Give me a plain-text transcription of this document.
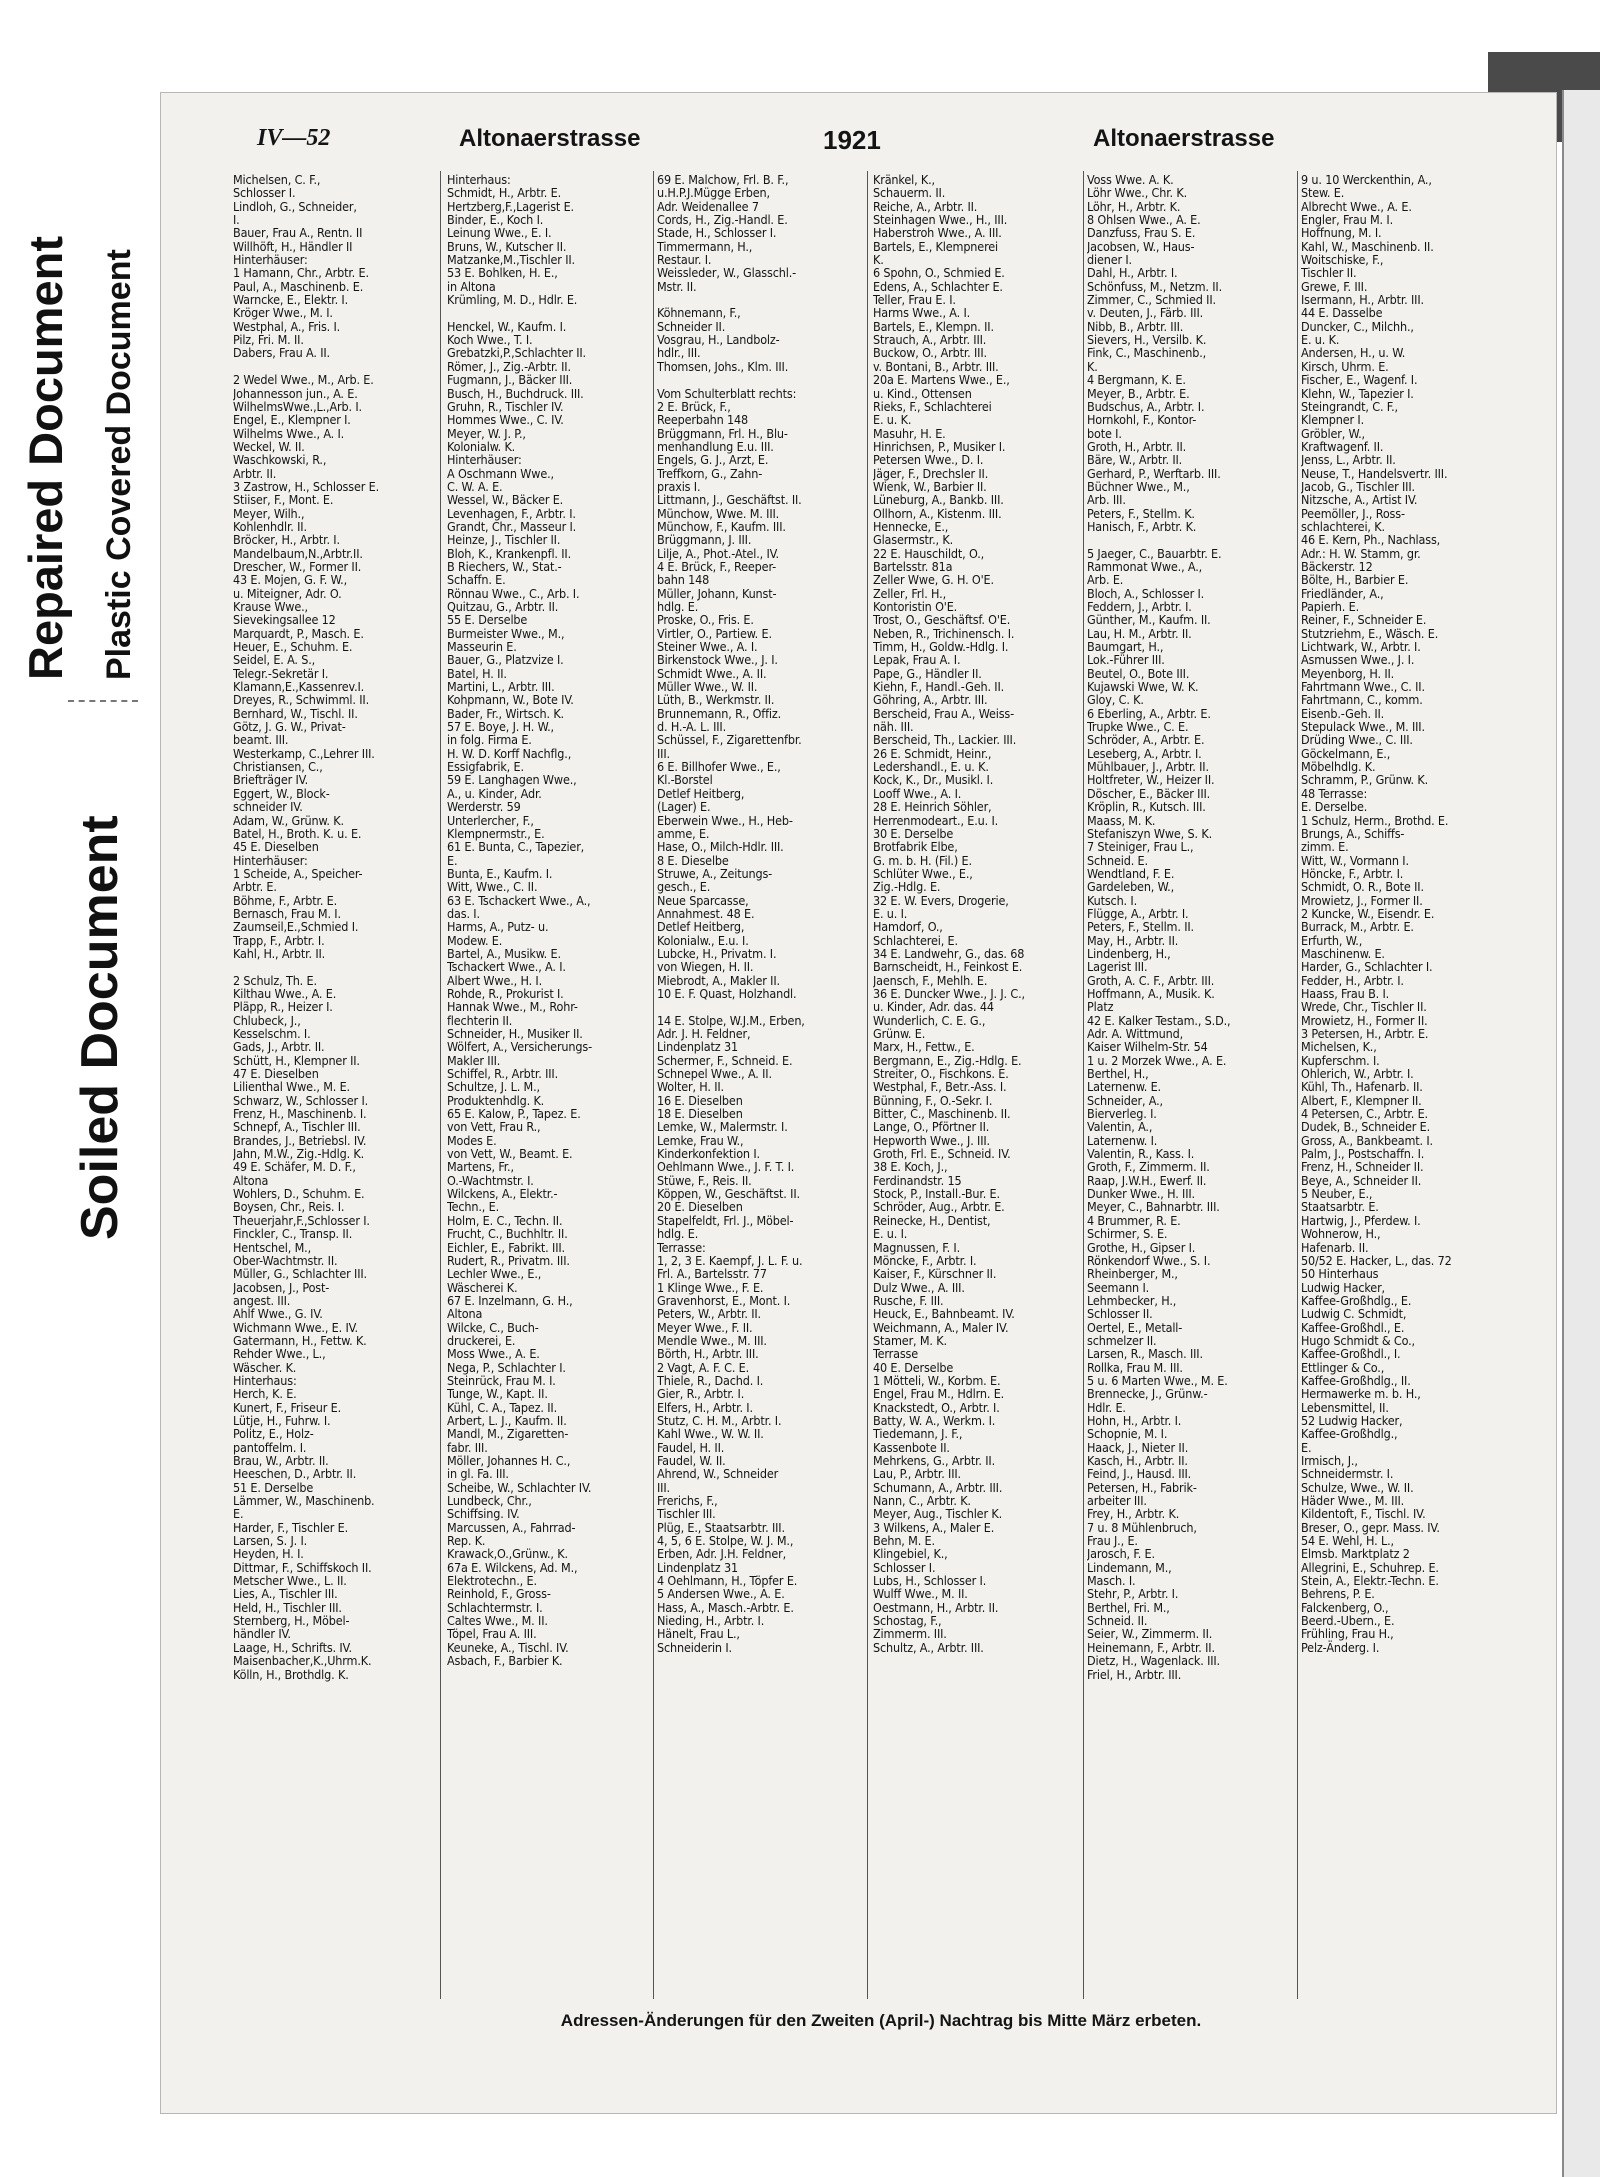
Repaired Document Plastic Covered Document
Soiled Document
IV—52	Altonaerstrasse	1921	Altonaerstrasse
Michelsen, C. F.,
Schlosser I.
Lindloh, G., Schneider,
I.
Bauer, Frau A., Rentn. II
Willhöft, H., Händler II
Hinterhäuser:
1 Hamann, Chr., Arbtr. E.
Paul, A., Maschinenb. E.
Warncke, E., Elektr. I.
Kröger Wwe., M. I.
Westphal, A., Fris. I.
Pilz, Fri. M. II.
Dabers, Frau A. II.

2 Wedel Wwe., M., Arb. E.
Johannesson jun., A. E.
WilhelmsWwe.,L.,Arb. I.
Engel, E., Klempner I.
Wilhelms Wwe., A. I.
Weckel, W. II.
Waschkowski, R.,
Arbtr. II.
3 Zastrow, H., Schlosser E.
Stiiser, F., Mont. E.
Meyer, Wilh.,
Kohlenhdlr. II.
Bröcker, H., Arbtr. I.
Mandelbaum,N.,Arbtr.II.
Drescher, W., Former II.
43 E. Mojen, G. F. W.,
u. Miteigner, Adr. O.
Krause Wwe.,
Sievekingsallee 12
Marquardt, P., Masch. E.
Heuer, E., Schuhm. E.
Seidel, E. A. S.,
Telegr.-Sekretär I.
Klamann,E.,Kassenrev.I.
Dreyes, R., Schwimml. II.
Bernhard, W., Tischl. II.
Götz, J. G. W., Privat-
beamt. III.
Westerkamp, C.,Lehrer III.
Christiansen, C.,
Briefträger IV.
Eggert, W., Block-
schneider IV.
Adam, W., Grünw. K.
Batel, H., Broth. K. u. E.
45 E. Dieselben
Hinterhäuser:
1 Scheide, A., Speicher-
Arbtr. E.
Böhme, F., Arbtr. E.
Bernasch, Frau M. I.
Zaumseil,E.,Schmied I.
Trapp, F., Arbtr. I.
Kahl, H., Arbtr. II.

2 Schulz, Th. E.
Kilthau Wwe., A. E.
Pläpp, R., Heizer I.
Chlubeck, J.,
Kesselschm. I.
Gads, J., Arbtr. II.
Schütt, H., Klempner II.
47 E. Dieselben
Lilienthal Wwe., M. E.
Schwarz, W., Schlosser I.
Frenz, H., Maschinenb. I.
Schnepf, A., Tischler III.
Brandes, J., Betriebsl. IV.
Jahn, M.W., Zig.-Hdlg. K.
49 E. Schäfer, M. D. F.,
Altona
Wohlers, D., Schuhm. E.
Boysen, Chr., Reis. I.
Theuerjahr,F.,Schlosser I.
Finckler, C., Transp. II.
Hentschel, M.,
Ober-Wachtmstr. II.
Müller, G., Schlachter III.
Jacobsen, J., Post-
angest. III.
Ahlf Wwe., G. IV.
Wichmann Wwe., E. IV.
Gatermann, H., Fettw. K.
Rehder Wwe., L.,
Wäscher. K.
Hinterhaus:
Herch, K. E.
Kunert, F., Friseur E.
Lütje, H., Fuhrw. I.
Politz, E., Holz-
pantoffelm. I.
Brau, W., Arbtr. II.
Heeschen, D., Arbtr. II.
51 E. Derselbe
Lämmer, W., Maschinenb.
E.
Harder, F., Tischler E.
Larsen, S. J. I.
Heyden, H. I.
Dittmar, F., Schiffskoch II.
Metscher Wwe., L. II.
Lies, A., Tischler III.
Held, H., Tischler III.
Sternberg, H., Möbel-
händler IV.
Laage, H., Schrifts. IV.
Maisenbacher,K.,Uhrm.K.
Kölln, H., Brothdlg. K.
Hinterhaus:
Schmidt, H., Arbtr. E.
Hertzberg,F.,Lagerist E.
Binder, E., Koch I.
Leinung Wwe., E. I.
Bruns, W., Kutscher II.
Matzanke,M.,Tischler II.
53 E. Bohlken, H. E.,
in Altona
Krümling, M. D., Hdlr. E.

Henckel, W., Kaufm. I.
Koch Wwe., T. I.
Grebatzki,P.,Schlachter II.
Römer, J., Zig.-Arbtr. II.
Fugmann, J., Bäcker III.
Busch, H., Buchdruck. III.
Gruhn, R., Tischler IV.
Hommes Wwe., C. IV.
Meyer, W. J. P.,
Kolonialw. K.
Hinterhäuser:
A Oschmann Wwe.,
C. W. A. E.
Wessel, W., Bäcker E.
Levenhagen, F., Arbtr. I.
Grandt, Chr., Masseur I.
Heinze, J., Tischler II.
Bloh, K., Krankenpfl. II.
B Riechers, W., Stat.-
Schaffn. E.
Rönnau Wwe., C., Arb. I.
Quitzau, G., Arbtr. II.
55 E. Derselbe
Burmeister Wwe., M.,
Masseurin E.
Bauer, G., Platzvize I.
Batel, H. II.
Martini, L., Arbtr. III.
Kohpmann, W., Bote IV.
Bader, Fr., Wirtsch. K.
57 E. Boye, J. H. W.,
in folg. Firma E.
H. W. D. Korff Nachflg.,
Essigfabrik, E.
59 E. Langhagen Wwe.,
A., u. Kinder, Adr.
Werderstr. 59
Unterlercher, F.,
Klempnermstr., E.
61 E. Bunta, C., Tapezier,
E.
Bunta, E., Kaufm. I.
Witt, Wwe., C. II.
63 E. Tschackert Wwe., A.,
das. I.
Harms, A., Putz- u.
Modew. E.
Bartel, A., Musikw. E.
Tschackert Wwe., A. I.
Albert Wwe., H. I.
Rohde, R., Prokurist I.
Hannak Wwe., M., Rohr-
flechterin II.
Schneider, H., Musiker II.
Wölfert, A., Versicherungs-
Makler III.
Schiffel, R., Arbtr. III.
Schultze, J. L. M.,
Produktenhdlg. K.
65 E. Kalow, P., Tapez. E.
von Vett, Frau R.,
Modes E.
von Vett, W., Beamt. E.
Martens, Fr.,
O.-Wachtmstr. I.
Wilckens, A., Elektr.-
Techn., E.
Holm, E. C., Techn. II.
Frucht, C., Buchhltr. II.
Eichler, E., Fabrikt. III.
Rudert, R., Privatm. III.
Lechler Wwe., E.,
Wäscherei K.
67 E. Inzelmann, G. H.,
Altona
Wilcke, C., Buch-
druckerei, E.
Moss Wwe., A. E.
Nega, P., Schlachter I.
Steinrück, Frau M. I.
Tunge, W., Kapt. II.
Kühl, C. A., Tapez. II.
Arbert, L. J., Kaufm. II.
Mandl, M., Zigaretten-
fabr. III.
Möller, Johannes H. C.,
in gl. Fa. III.
Scheibe, W., Schlachter IV.
Lundbeck, Chr.,
Schiffsing. IV.
Marcussen, A., Fahrrad-
Rep. K.
Krawack,O.,Grünw., K.
67a E. Wilckens, Ad. M.,
Elektrotechn., E.
Reinhold, F., Gross-
Schlachtermstr. I.
Caltes Wwe., M. II.
Töpel, Frau A. III.
Keuneke, A., Tischl. IV.
Asbach, F., Barbier K.
69 E. Malchow, Frl. B. F.,
u.H.P.J.Mügge Erben,
Adr. Weidenallee 7
Cords, H., Zig.-Handl. E.
Stade, H., Schlosser I.
Timmermann, H.,
Restaur. I.
Weissleder, W., Glasschl.-
Mstr. II.

Köhnemann, F.,
Schneider II.
Vosgrau, H., Landbolz-
hdlr., III.
Thomsen, Johs., Klm. III.

Vom Schulterblatt rechts:
2 E. Brück, F.,
Reeperbahn 148
Brüggmann, Frl. H., Blu-
menhandlung E.u. III.
Engels, G. J., Arzt, E.
Treffkorn, G., Zahn-
praxis I.
Littmann, J., Geschäftst. II.
Münchow, Wwe. M. III.
Münchow, F., Kaufm. III.
Brüggmann, J. III.
Lilje, A., Phot.-Atel., IV.
4 E. Brück, F., Reeper-
bahn 148
Müller, Johann, Kunst-
hdlg. E.
Proske, O., Fris. E.
Virtler, O., Partiew. E.
Steiner Wwe., A. I.
Birkenstock Wwe., J. I.
Schmidt Wwe., A. II.
Müller Wwe., W. II.
Lüth, B., Werkmstr. II.
Brunnemann, R., Offiz.
d. H.-A. L. III.
Schüssel, F., Zigarettenfbr.
III.
6 E. Billhofer Wwe., E.,
Kl.-Borstel
Detlef Heitberg,
(Lager) E.
Eberwein Wwe., H., Heb-
amme, E.
Hase, O., Milch-Hdlr. III.
8 E. Dieselbe
Struwe, A., Zeitungs-
gesch., E.
Neue Sparcasse,
Annahmest. 48 E.
Detlef Heitberg,
Kolonialw., E.u. I.
Lubcke, H., Privatm. I.
von Wiegen, H. II.
Miebrodt, A., Makler II.
10 E. F. Quast, Holzhandl.

14 E. Stolpe, W.J.M., Erben,
Adr. J. H. Feldner,
Lindenplatz 31
Schermer, F., Schneid. E.
Schnepel Wwe., A. II.
Wolter, H. II.
16 E. Dieselben
18 E. Dieselben
Lemke, W., Malermstr. I.
Lemke, Frau W.,
Kinderkonfektion I.
Oehlmann Wwe., J. F. T. I.
Stüwe, F., Reis. II.
Köppen, W., Geschäftst. II.
20 E. Dieselben
Stapelfeldt, Frl. J., Möbel-
hdlg. E.
Terrasse:
1, 2, 3 E. Kaempf, J. L. F. u.
Frl. A., Bartelsstr. 77
1 Klinge Wwe., F. E.
Gravenhorst, E., Mont. I.
Peters, W., Arbtr. II.
Meyer Wwe., F. II.
Mendle Wwe., M. III.
Börth, H., Arbtr. III.
2 Vagt, A. F. C. E.
Thiele, R., Dachd. I.
Gier, R., Arbtr. I.
Elfers, H., Arbtr. I.
Stutz, C. H. M., Arbtr. I.
Kahl Wwe., W. W. II.
Faudel, H. II.
Faudel, W. II.
Ahrend, W., Schneider
III.
Frerichs, F.,
Tischler III.
Plüg, E., Staatsarbtr. III.
4, 5, 6 E. Stolpe, W. J. M.,
Erben, Adr. J.H. Feldner,
Lindenplatz 31
4 Oehlmann, H., Töpfer E.
5 Andersen Wwe., A. E.
Hass, A., Masch.-Arbtr. E.
Nieding, H., Arbtr. I.
Hänelt, Frau L.,
Schneiderin I.
Kränkel, K.,
Schauerm. II.
Reiche, A., Arbtr. II.
Steinhagen Wwe., H., III.
Haberstroh Wwe., A. III.
Bartels, E., Klempnerei
K.
6 Spohn, O., Schmied E.
Edens, A., Schlachter E.
Teller, Frau E. I.
Harms Wwe., A. I.
Bartels, E., Klempn. II.
Strauch, A., Arbtr. III.
Buckow, O., Arbtr. III.
v. Bontani, B., Arbtr. III.
20a E. Martens Wwe., E.,
u. Kind., Ottensen
Rieks, F., Schlachterei
E. u. K.
Masuhr, H. E.
Hinrichsen, P., Musiker I.
Petersen Wwe., D. I.
Jäger, F., Drechsler II.
Wienk, W., Barbier II.
Lüneburg, A., Bankb. III.
Ollhorn, A., Kistenm. III.
Hennecke, E.,
Glasermstr., K.
22 E. Hauschildt, O.,
Bartelsstr. 81a
Zeller Wwe, G. H. O'E.
Zeller, Frl. H.,
Kontoristin O'E.
Trost, O., Geschäftsf. O'E.
Neben, R., Trichinensch. I.
Timm, H., Goldw.-Hdlg. I.
Lepak, Frau A. I.
Pape, G., Händler II.
Kiehn, F., Handl.-Geh. II.
Göhring, A., Arbtr. III.
Berscheid, Frau A., Weiss-
näh. III.
Berscheid, Th., Lackier. III.
26 E. Schmidt, Heinr.,
Ledershandl., E. u. K.
Kock, K., Dr., Musikl. I.
Looff Wwe., A. I.
28 E. Heinrich Söhler,
Herrenmodeart., E.u. I.
30 E. Derselbe
Brotfabrik Elbe,
G. m. b. H. (Fil.) E.
Schlüter Wwe., E.,
Zig.-Hdlg. E.
32 E. W. Evers, Drogerie,
E. u. I.
Hamdorf, O.,
Schlachterei, E.
34 E. Landwehr, G., das. 68
Barnscheidt, H., Feinkost E.
Jaensch, F., Mehlh. E.
36 E. Duncker Wwe., J. J. C.,
u. Kinder, Adr. das. 44
Wunderlich, C. E. G.,
Grünw. E.
Marx, H., Fettw., E.
Bergmann, E., Zig.-Hdlg. E.
Streiter, O., Fischkons. E.
Westphal, F., Betr.-Ass. I.
Bünning, F., O.-Sekr. I.
Bitter, C., Maschinenb. II.
Lange, O., Pförtner II.
Hepworth Wwe., J. III.
Groth, Frl. E., Schneid. IV.
38 E. Koch, J.,
Ferdinandstr. 15
Stock, P., Install.-Bur. E.
Schröder, Aug., Arbtr. E.
Reinecke, H., Dentist,
E. u. I.
Magnussen, F. I.
Möncke, F., Arbtr. I.
Kaiser, F., Kürschner II.
Dulz Wwe., A. III.
Rusche, F. III.
Heuck, E., Bahnbeamt. IV.
Weichmann, A., Maler IV.
Stamer, M. K.
Terrasse
40 E. Derselbe
1 Mötteli, W., Korbm. E.
Engel, Frau M., Hdlrn. E.
Knackstedt, O., Arbtr. I.
Batty, W. A., Werkm. I.
Tiedemann, J. F.,
Kassenbote II.
Mehrkens, G., Arbtr. II.
Lau, P., Arbtr. III.
Schumann, A., Arbtr. III.
Nann, C., Arbtr. K.
Meyer, Aug., Tischler K.
3 Wilkens, A., Maler E.
Behn, M. E.
Klingebiel, K.,
Schlosser I.
Lubs, H., Schlosser I.
Wulff Wwe., M. II.
Oestmann, H., Arbtr. II.
Schostag, F.,
Zimmerm. III.
Schultz, A., Arbtr. III.
Voss Wwe. A. K.
Löhr Wwe., Chr. K.
Löhr, H., Arbtr. K.
8 Ohlsen Wwe., A. E.
Danzfuss, Frau S. E.
Jacobsen, W., Haus-
diener I.
Dahl, H., Arbtr. I.
Schönfuss, M., Netzm. II.
Zimmer, C., Schmied II.
v. Deuten, J., Färb. III.
Nibb, B., Arbtr. III.
Sievers, H., Versilb. K.
Fink, C., Maschinenb.,
K.
4 Bergmann, K. E.
Meyer, B., Arbtr. E.
Budschus, A., Arbtr. I.
Hornkohl, F., Kontor-
bote I.
Groth, H., Arbtr. II.
Bäre, W., Arbtr. II.
Gerhard, P., Werftarb. III.
Büchner Wwe., M.,
Arb. III.
Peters, F., Stellm. K.
Hanisch, F., Arbtr. K.

5 Jaeger, C., Bauarbtr. E.
Rammonat Wwe., A.,
Arb. E.
Bloch, A., Schlosser I.
Feddern, J., Arbtr. I.
Günther, M., Kaufm. II.
Lau, H. M., Arbtr. II.
Baumgart, H.,
Lok.-Führer III.
Beutel, O., Bote III.
Kujawski Wwe, W. K.
Gloy, C. K.
6 Eberling, A., Arbtr. E.
Trupke Wwe., C. E.
Schröder, A., Arbtr. E.
Leseberg, A., Arbtr. I.
Mühlbauer, J., Arbtr. II.
Holtfreter, W., Heizer II.
Döscher, E., Bäcker III.
Kröplin, R., Kutsch. III.
Maass, M. K.
Stefaniszyn Wwe, S. K.
7 Steiniger, Frau L.,
Schneid. E.
Wendtland, F. E.
Gardeleben, W.,
Kutsch. I.
Flügge, A., Arbtr. I.
Peters, F., Stellm. II.
May, H., Arbtr. II.
Lindenberg, H.,
Lagerist III.
Groth, A. C. F., Arbtr. III.
Hoffmann, A., Musik. K.
Platz
42 E. Kalker Testam., S.D.,
Adr. A. Wittmund,
Kaiser Wilhelm-Str. 54
1 u. 2 Morzek Wwe., A. E.
Berthel, H.,
Laternenw. E.
Schneider, A.,
Bierverleg. I.
Valentin, A.,
Laternenw. I.
Valentin, R., Kass. I.
Groth, F., Zimmerm. II.
Raap, J.W.H., Ewerf. II.
Dunker Wwe., H. III.
Meyer, C., Bahnarbtr. III.
4 Brummer, R. E.
Schirmer, S. E.
Grothe, H., Gipser I.
Rönkendorf Wwe., S. I.
Rheinberger, M.,
Seemann I.
Lehmbecker, H.,
Schlosser II.
Oertel, E., Metall-
schmelzer II.
Larsen, R., Masch. III.
Rollka, Frau M. III.
5 u. 6 Marten Wwe., M. E.
Brennecke, J., Grünw.-
Hdlr. E.
Hohn, H., Arbtr. I.
Schopnie, M. I.
Haack, J., Nieter II.
Kasch, H., Arbtr. II.
Feind, J., Hausd. III.
Petersen, H., Fabrik-
arbeiter III.
Frey, H., Arbtr. K.
7 u. 8 Mühlenbruch,
Frau J., E.
Jarosch, F. E.
Lindemann, M.,
Masch. I.
Stehr, P., Arbtr. I.
Berthel, Fri. M.,
Schneid. II.
Seier, W., Zimmerm. II.
Heinemann, F., Arbtr. II.
Dietz, H., Wagenlack. III.
Friel, H., Arbtr. III.
9 u. 10 Werckenthin, A.,
Stew. E.
Albrecht Wwe., A. E.
Engler, Frau M. I.
Hoffnung, M. I.
Kahl, W., Maschinenb. II.
Woitschiske, F.,
Tischler II.
Grewe, F. III.
Isermann, H., Arbtr. III.
44 E. Dasselbe
Duncker, C., Milchh.,
E. u. K.
Andersen, H., u. W.
Kirsch, Uhrm. E.
Fischer, E., Wagenf. I.
Klehn, W., Tapezier I.
Steingrandt, C. F.,
Klempner I.
Gröbler, W.,
Kraftwagenf. II.
Jenss, L., Arbtr. II.
Neuse, T., Handelsvertr. III.
Jacob, G., Tischler III.
Nitzsche, A., Artist IV.
Peemöller, J., Ross-
schlachterei, K.
46 E. Kern, Ph., Nachlass,
Adr.: H. W. Stamm, gr.
Bäckerstr. 12
Bölte, H., Barbier E.
Friedländer, A.,
Papierh. E.
Reiner, F., Schneider E.
Stutzriehm, E., Wäsch. E.
Lichtwark, W., Arbtr. I.
Asmussen Wwe., J. I.
Meyenborg, H. II.
Fahrtmann Wwe., C. II.
Fahrtmann, C., komm.
Eisenb.-Geh. II.
Stepulack Wwe., M. III.
Drüding Wwe., C. III.
Göckelmann, E.,
Möbelhdlg. K.
Schramm, P., Grünw. K.
48 Terrasse:
E. Derselbe.
1 Schulz, Herm., Brothd. E.
Brungs, A., Schiffs-
zimm. E.
Witt, W., Vormann I.
Höncke, F., Arbtr. I.
Schmidt, O. R., Bote II.
Mrowietz, J., Former II.
2 Kuncke, W., Eisendr. E.
Burrack, M., Arbtr. E.
Erfurth, W.,
Maschinenw. E.
Harder, G., Schlachter I.
Fedder, H., Arbtr. I.
Haass, Frau B. I.
Wrede, Chr., Tischler II.
Mrowietz, H., Former II.
3 Petersen, H., Arbtr. E.
Michelsen, K.,
Kupferschm. I.
Ohlerich, W., Arbtr. I.
Kühl, Th., Hafenarb. II.
Albert, F., Klempner II.
4 Petersen, C., Arbtr. E.
Dudek, B., Schneider E.
Gross, A., Bankbeamt. I.
Palm, J., Postschaffn. I.
Frenz, H., Schneider II.
Beye, A., Schneider II.
5 Neuber, E.,
Staatsarbtr. E.
Hartwig, J., Pferdew. I.
Wohnerow, H.,
Hafenarb. II.
50/52 E. Hacker, L., das. 72
50 Hinterhaus
Ludwig Hacker,
Kaffee-Großhdlg., E.
Ludwig C. Schmidt,
Kaffee-Großhdl., E.
Hugo Schmidt & Co.,
Kaffee-Großhdl., I.
Ettlinger & Co.,
Kaffee-Großhdlg., II.
Hermawerke m. b. H.,
Lebensmittel, II.
52 Ludwig Hacker,
Kaffee-Großhdlg.,
E.
Irmisch, J.,
Schneidermstr. I.
Schulze, Wwe., W. II.
Häder Wwe., M. III.
Kildentoft, F., Tischl. IV.
Breser, O., gepr. Mass. IV.
54 E. Wehl, H. L.,
Elmsb. Marktplatz 2
Allegrini, E., Schuhrep. E.
Stein, A., Elektr.-Techn. E.
Behrens, P. E.
Falckenberg, O.,
Beerd.-Ubern., E.
Frühling, Frau H.,
Pelz-Änderg. I.
Adressen-Änderungen für den Zweiten (April-) Nachtrag bis Mitte März erbeten.
